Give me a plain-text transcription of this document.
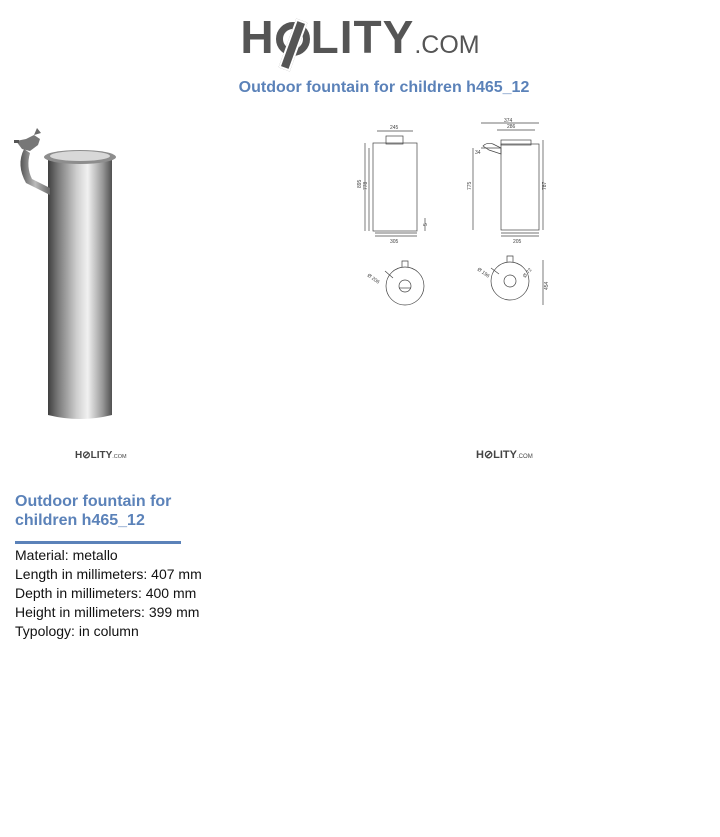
H LITY.COM
Outdoor fountain for children h465_12
245
895 778
305
5
374
286
34
775	787
205
Ø 206	Ø 196	Ø 72
454
H⊘LITY.COM	H⊘LITY.COM
Outdoor fountain for children h465_12
Material: metallo
Length in millimeters: 407 mm
Depth in millimeters: 400 mm
Height in millimeters: 399 mm
Typology: in column
